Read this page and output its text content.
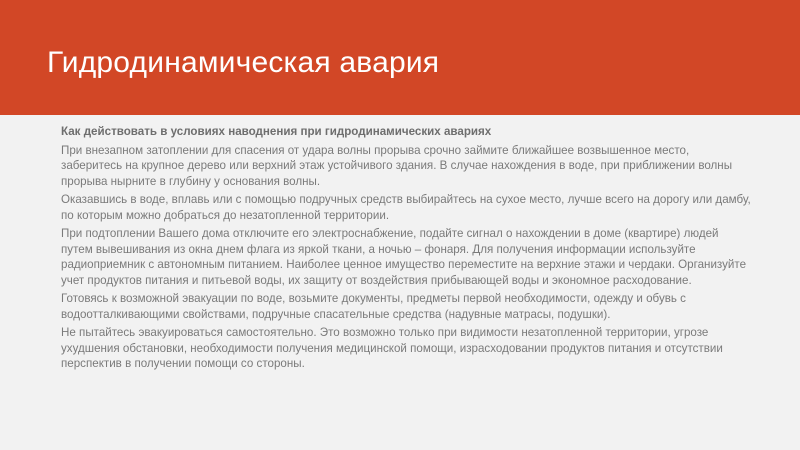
Гидродинамическая авария

Как действовать в условиях наводнения при гидродинамических авариях

При внезапном затоплении для спасения от удара волны прорыва срочно займите ближайшее возвышенное место, заберитесь на крупное дерево или верхний этаж устойчивого здания. В случае нахождения в воде, при приближении волны прорыва нырните в глубину у основания волны.

Оказавшись в воде, вплавь или с помощью подручных средств выбирайтесь на сухое место, лучше всего на дорогу или дамбу, по которым можно добраться до незатопленной территории.

При подтоплении Вашего дома отключите его электроснабжение, подайте сигнал о нахождении в доме (квартире) людей путем вывешивания из окна днем флага из яркой ткани, а ночью – фонаря. Для получения информации используйте радиоприемник с автономным питанием. Наиболее ценное имущество переместите на верхние этажи и чердаки. Организуйте учет продуктов питания и питьевой воды, их защиту от воздействия прибывающей воды и экономное расходование.

Готовясь к возможной эвакуации по воде, возьмите документы, предметы первой необходимости, одежду и обувь с водоотталкивающими свойствами, подручные спасательные средства (надувные матрасы, подушки).

Не пытайтесь эвакуироваться самостоятельно. Это возможно только при видимости незатопленной территории, угрозе ухудшения обстановки, необходимости получения медицинской помощи, израсходовании продуктов питания и отсутствии перспектив в получении помощи со стороны.
